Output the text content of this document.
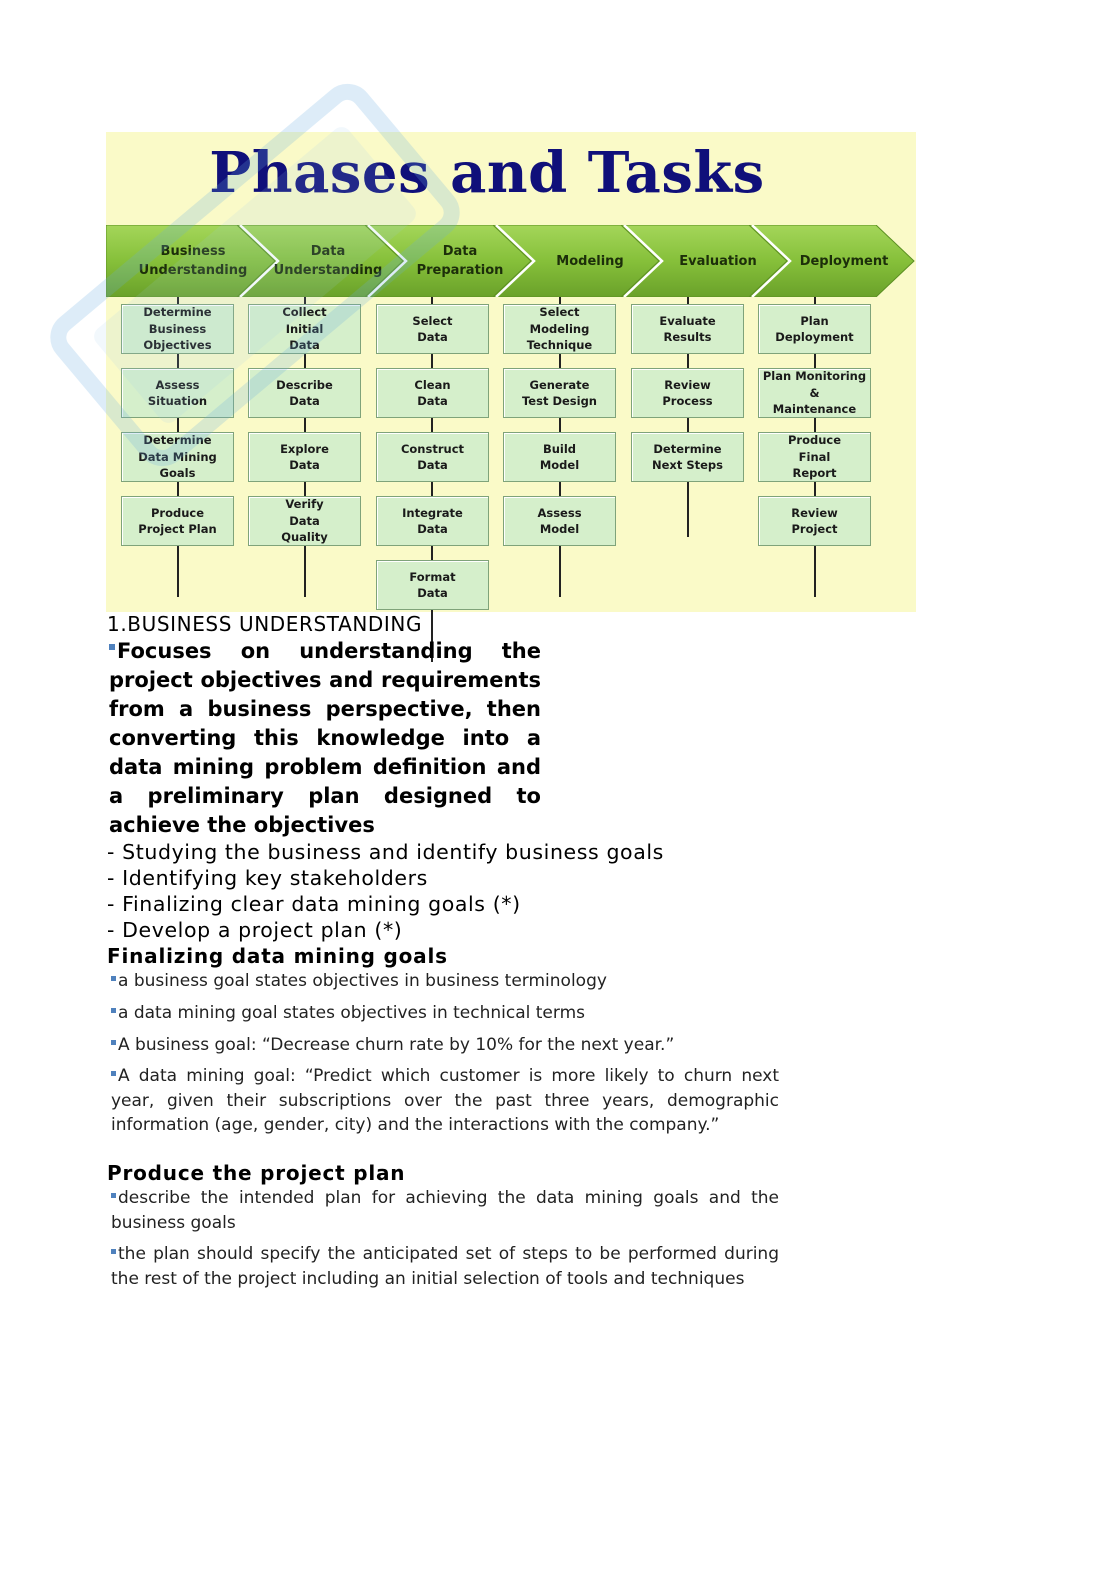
Phases and Tasks
Business
Understanding
Data
Understanding
Data
Preparation
Modeling	Evaluation	Deployment
Determine
Business
Objectives
Assess
Situation
Determine
Data Mining
Goals
Produce
Project Plan
Collect
Initial
Data
Describe
Data
Explore
Data
Verify
Data
Quality
Select
Data
Clean
Data
Construct
Data
Integrate
Data
Format
Data
Select
Modeling
Technique
Generate
Test Design
Build
Model
Assess
Model
Evaluate
Results
Review
Process
Determine
Next Steps
Plan
Deployment
Plan Monitoring
&
Maintenance
Produce
Final
Report
Review
Project
1.BUSINESS UNDERSTANDING
Focuses on understanding the project objectives and requirements from a business perspective, then converting this knowledge into a data mining problem definition and a preliminary plan designed to achieve the objectives
- Studying the business and identify business goals
- Identifying key stakeholders
- Finalizing clear data mining goals (*)
- Develop a project plan (*)
Finalizing data mining goals
a business goal states objectives in business terminology
a data mining goal states objectives in technical terms
A business goal: “Decrease churn rate by 10% for the next year.”
A data mining goal: “Predict which customer is more likely to churn next year, given their subscriptions over the past three years, demographic information (age, gender, city) and the interactions with the company.”
Produce the project plan
describe the intended plan for achieving the data mining goals and the business goals
the plan should specify the anticipated set of steps to be performed during the rest of the project including an initial selection of tools and techniques
